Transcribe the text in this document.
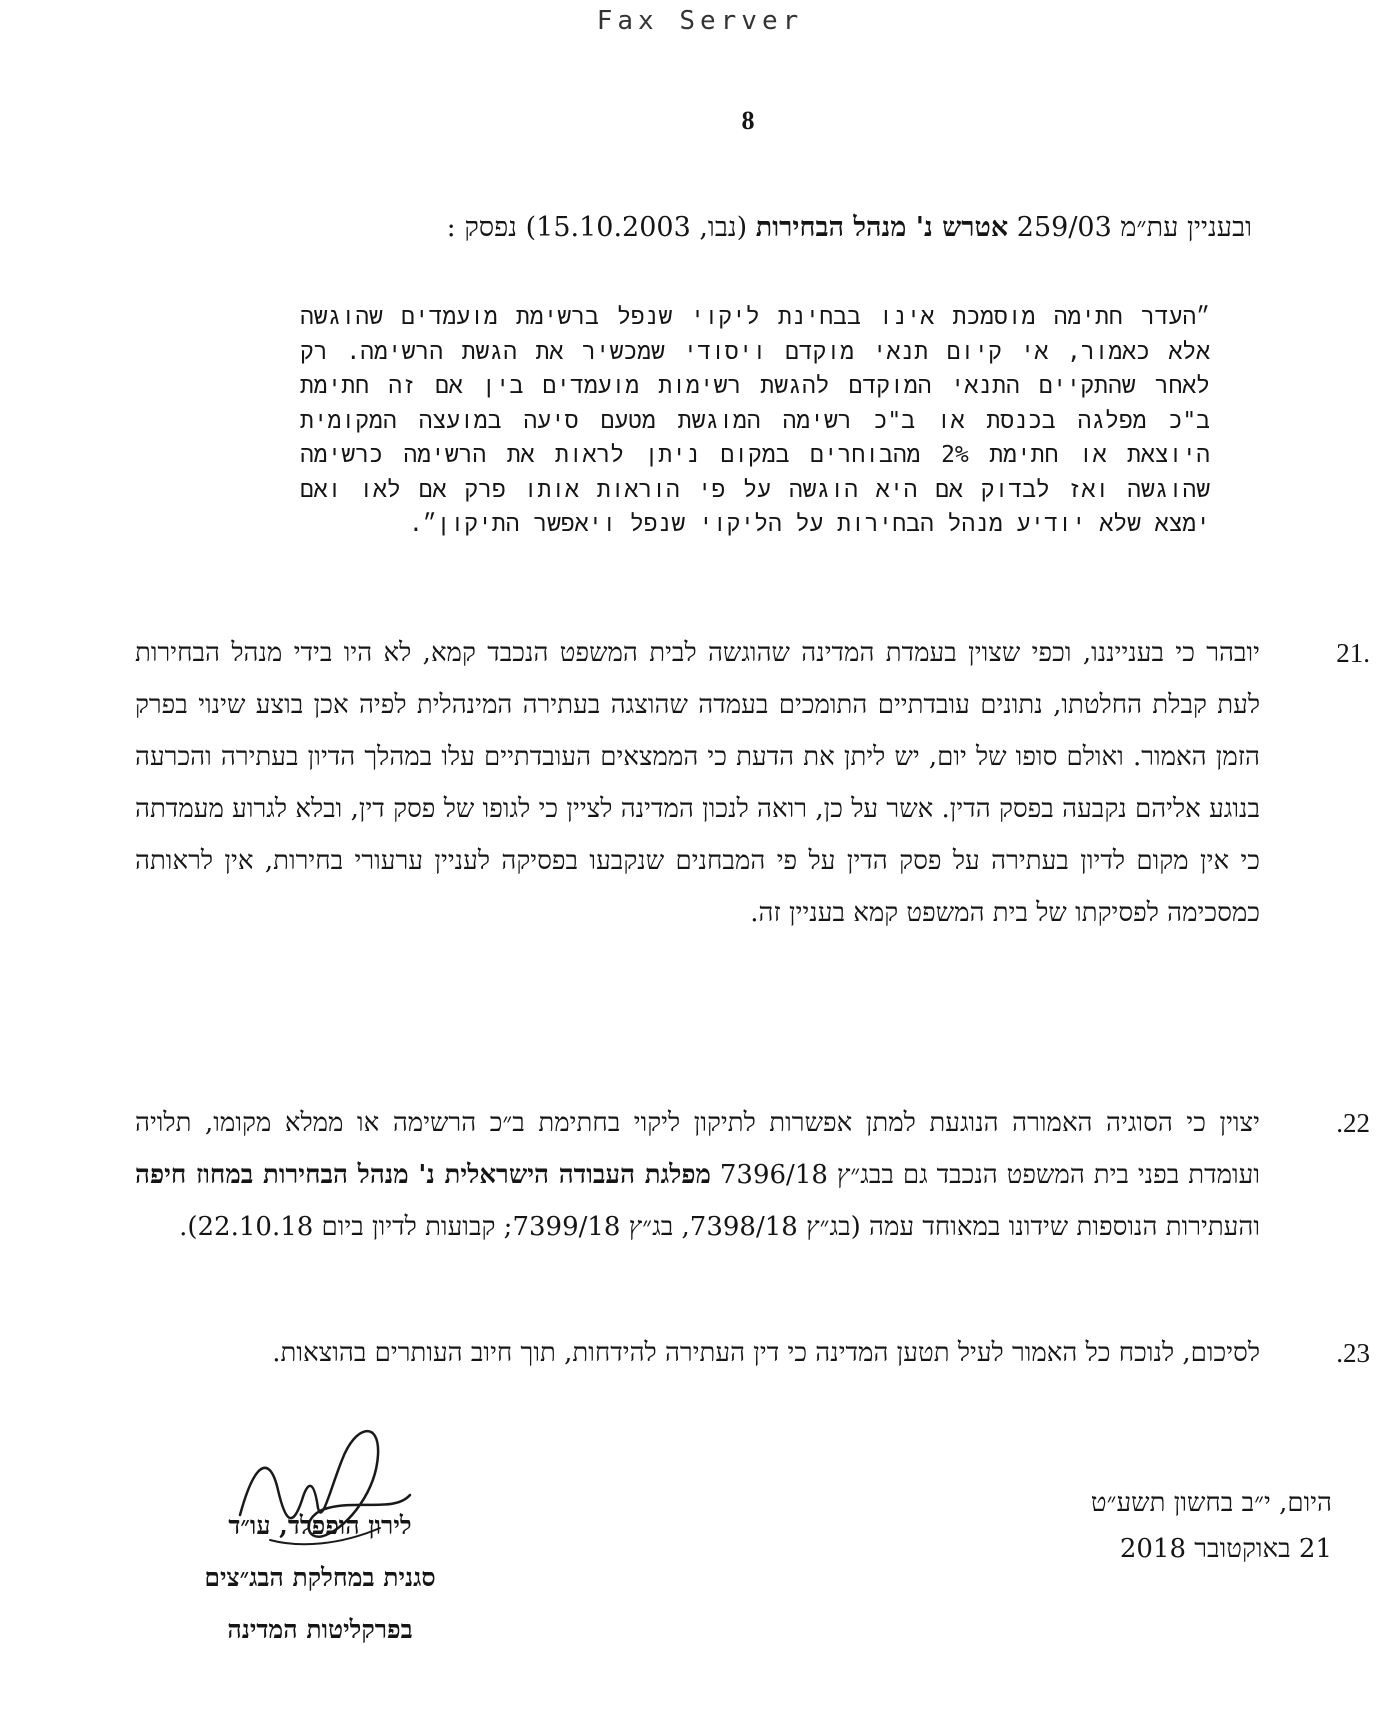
Fax Server
8
ובעניין עת״מ 259/03 אטרש נ' מנהל הבחירות (נבו, 15.10.2003) נפסק :

״העדר חתימה מוסמכת אינו בבחינת ליקוי שנפל ברשימת מועמדים שהוגשה אלא כאמור, אי קיום תנאי מוקדם ויסודי שמכשיר את הגשת הרשימה. רק לאחר שהתקיים התנאי המוקדם להגשת רשימות מועמדים בין אם זה חתימת ב"כ מפלגה בכנסת או ב"כ רשימה המוגשת מטעם סיעה במועצה המקומית היוצאת או חתימת 2% מהבוחרים במקום ניתן לראות את הרשימה כרשימה שהוגשה ואז לבדוק אם היא הוגשה על פי הוראות אותו פרק אם לאו ואם ימצא שלא יודיע מנהל הבחירות על הליקוי שנפל ויאפשר התיקון״.

21.

יובהר כי בענייננו, וכפי שצוין בעמדת המדינה שהוגשה לבית המשפט הנכבד קמא, לא היו בידי מנהל הבחירות לעת קבלת החלטתו, נתונים עובדתיים התומכים בעמדה שהוצגה בעתירה המינהלית לפיה אכן בוצע שינוי בפרק הזמן האמור. ואולם סופו של יום, יש ליתן את הדעת כי הממצאים העובדתיים עלו במהלך הדיון בעתירה והכרעה בנוגע אליהם נקבעה בפסק הדין. אשר על כן, רואה לנכון המדינה לציין כי לגופו של פסק דין, ובלא לגרוע מעמדתה כי אין מקום לדיון בעתירה על פסק הדין על פי המבחנים שנקבעו בפסיקה לעניין ערעורי בחירות, אין לראותה כמסכימה לפסיקתו של בית המשפט קמא בעניין זה.

.22

יצוין כי הסוגיה האמורה הנוגעת למתן אפשרות לתיקון ליקוי בחתימת ב״כ הרשימה או ממלא מקומו, תלויה ועומדת בפני בית המשפט הנכבד גם בבג״ץ 7396/18 מפלגת העבודה הישראלית נ' מנהל הבחירות במחוז חיפה והעתירות הנוספות שידונו במאוחד עמה (בג״ץ 7398/18, בג״ץ 7399/18; קבועות לדיון ביום 22.10.18).

.23

לסיכום, לנוכח כל האמור לעיל תטען המדינה כי דין העתירה להידחות, תוך חיוב העותרים בהוצאות.

היום, י״ב בחשון תשע״ט
21 באוקטובר 2018
לירון הופפלד, עו״ד
סגנית במחלקת הבג״צים
בפרקליטות המדינה
